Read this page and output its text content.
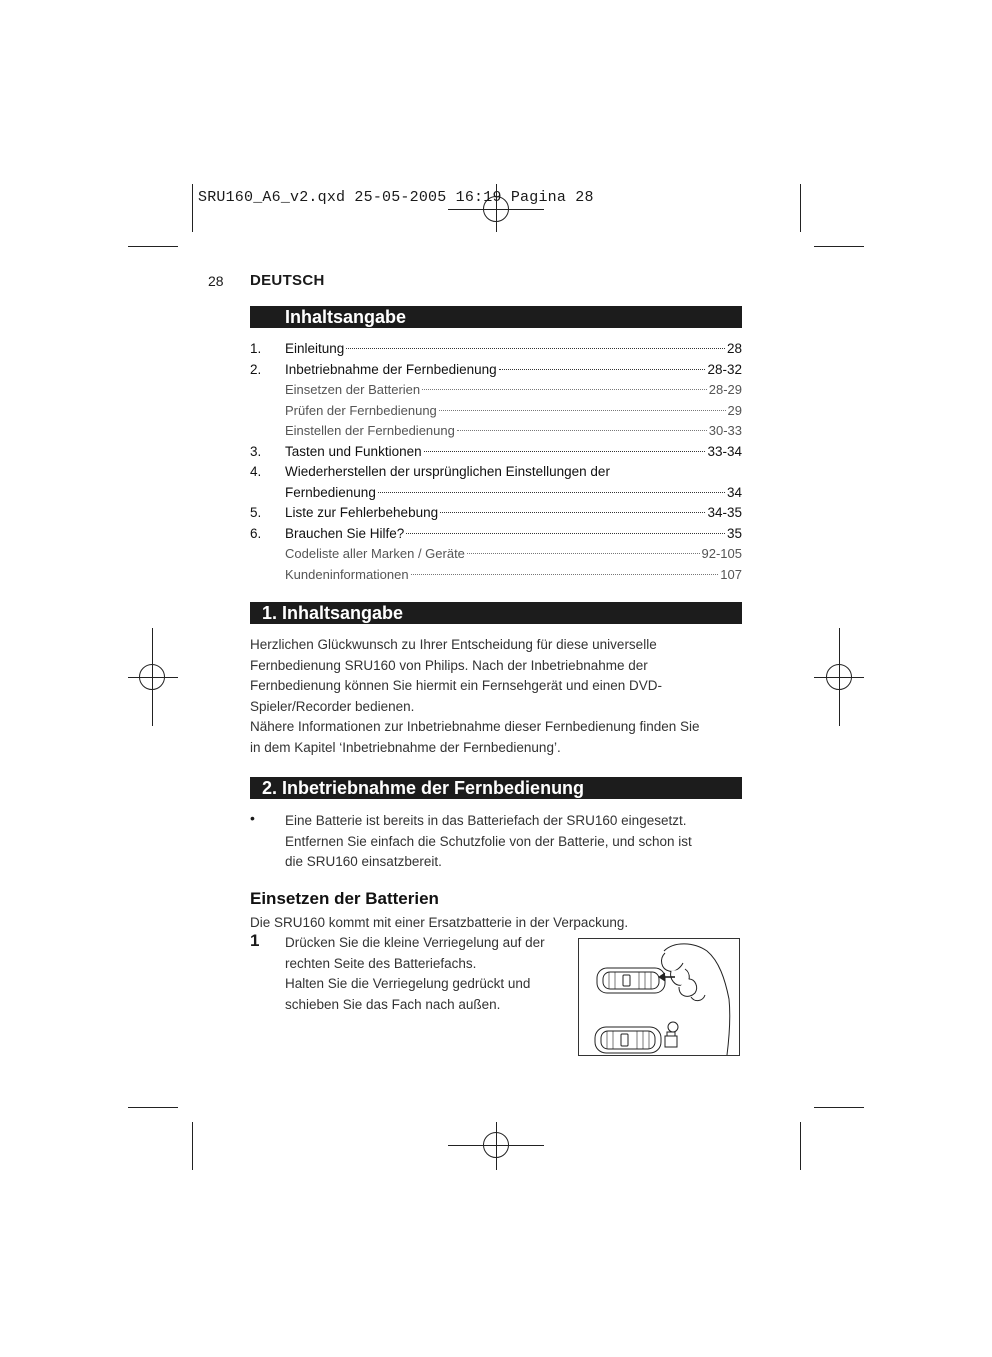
SRU160_A6_v2.qxd 25-05-2005 16:19 Pagina 28
28 DEUTSCH
Inhaltsangabe
1. Einleitung	28
2. Inbetriebnahme der Fernbedienung	28-32
Einsetzen der Batterien	28-29
Prüfen der Fernbedienung	29
Einstellen der Fernbedienung	30-33
3. Tasten und Funktionen	33-34
4. Wiederherstellen der ursprünglichen Einstellungen der
Fernbedienung	34
5. Liste zur Fehlerbehebung	34-35
6. Brauchen Sie Hilfe?	35
Codeliste aller Marken / Geräte	92-105
Kundeninformationen	107
1. Inhaltsangabe
Herzlichen Glückwunsch zu Ihrer Entscheidung für diese universelle
Fernbedienung SRU160 von Philips. Nach der Inbetriebnahme der
Fernbedienung können Sie hiermit ein Fernsehgerät und einen DVD-
Spieler/Recorder bedienen.
Nähere Informationen zur Inbetriebnahme dieser Fernbedienung finden Sie
in dem Kapitel ‘Inbetriebnahme der Fernbedienung’.
2. Inbetriebnahme der Fernbedienung
• Eine Batterie ist bereits in das Batteriefach der SRU160 eingesetzt.
Entfernen Sie einfach die Schutzfolie von der Batterie, und schon ist
die SRU160 einsatzbereit.
Einsetzen der Batterien
Die SRU160 kommt mit einer Ersatzbatterie in der Verpackung.
1 Drücken Sie die kleine Verriegelung auf der
rechten Seite des Batteriefachs.
Halten Sie die Verriegelung gedrückt und
schieben Sie das Fach nach außen.
